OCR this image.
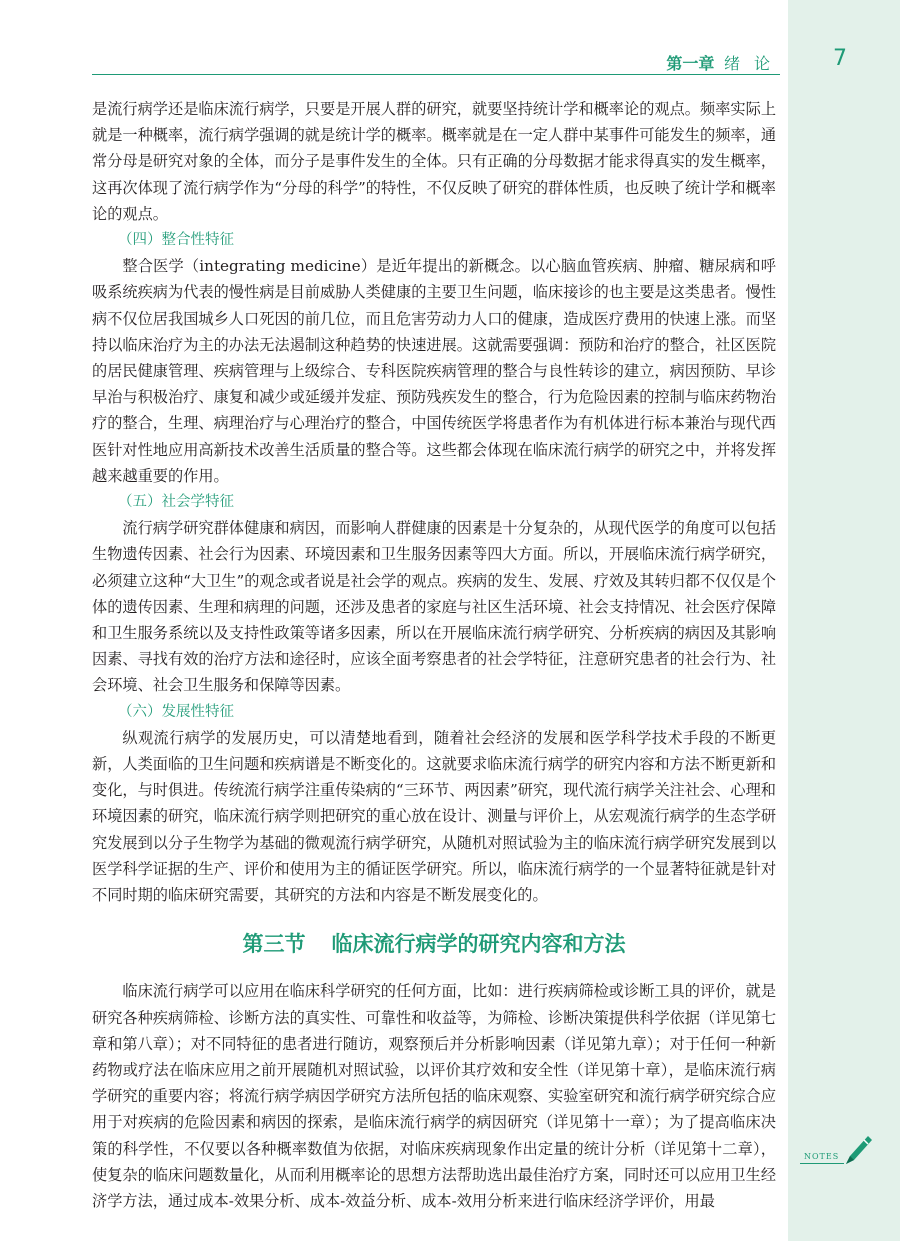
第一章 绪论	7

是流行病学还是临床流行病学，只要是开展人群的研究，就要坚持统计学和概率论的观点。频率实际上就是一种概率，流行病学强调的就是统计学的概率。概率就是在一定人群中某事件可能发生的频率，通常分母是研究对象的全体，而分子是事件发生的全体。只有正确的分母数据才能求得真实的发生概率，这再次体现了流行病学作为“分母的科学”的特性，不仅反映了研究的群体性质，也反映了统计学和概率论的观点。

（四）整合性特征

整合医学（integrating medicine）是近年提出的新概念。以心脑血管疾病、肿瘤、糖尿病和呼吸系统疾病为代表的慢性病是目前威胁人类健康的主要卫生问题，临床接诊的也主要是这类患者。慢性病不仅位居我国城乡人口死因的前几位，而且危害劳动力人口的健康，造成医疗费用的快速上涨。而坚持以临床治疗为主的办法无法遏制这种趋势的快速进展。这就需要强调：预防和治疗的整合，社区医院的居民健康管理、疾病管理与上级综合、专科医院疾病管理的整合与良性转诊的建立，病因预防、早诊早治与积极治疗、康复和减少或延缓并发症、预防残疾发生的整合，行为危险因素的控制与临床药物治疗的整合，生理、病理治疗与心理治疗的整合，中国传统医学将患者作为有机体进行标本兼治与现代西医针对性地应用高新技术改善生活质量的整合等。这些都会体现在临床流行病学的研究之中，并将发挥越来越重要的作用。

（五）社会学特征

流行病学研究群体健康和病因，而影响人群健康的因素是十分复杂的，从现代医学的角度可以包括生物遗传因素、社会行为因素、环境因素和卫生服务因素等四大方面。所以，开展临床流行病学研究，必须建立这种“大卫生”的观念或者说是社会学的观点。疾病的发生、发展、疗效及其转归都不仅仅是个体的遗传因素、生理和病理的问题，还涉及患者的家庭与社区生活环境、社会支持情况、社会医疗保障和卫生服务系统以及支持性政策等诸多因素，所以在开展临床流行病学研究、分析疾病的病因及其影响因素、寻找有效的治疗方法和途径时，应该全面考察患者的社会学特征，注意研究患者的社会行为、社会环境、社会卫生服务和保障等因素。

（六）发展性特征

纵观流行病学的发展历史，可以清楚地看到，随着社会经济的发展和医学科学技术手段的不断更新，人类面临的卫生问题和疾病谱是不断变化的。这就要求临床流行病学的研究内容和方法不断更新和变化，与时俱进。传统流行病学注重传染病的“三环节、两因素”研究，现代流行病学关注社会、心理和环境因素的研究，临床流行病学则把研究的重心放在设计、测量与评价上，从宏观流行病学的生态学研究发展到以分子生物学为基础的微观流行病学研究，从随机对照试验为主的临床流行病学研究发展到以医学科学证据的生产、评价和使用为主的循证医学研究。所以，临床流行病学的一个显著特征就是针对不同时期的临床研究需要，其研究的方法和内容是不断发展变化的。

第三节 临床流行病学的研究内容和方法

临床流行病学可以应用在临床科学研究的任何方面，比如：进行疾病筛检或诊断工具的评价，就是研究各种疾病筛检、诊断方法的真实性、可靠性和收益等，为筛检、诊断决策提供科学依据（详见第七章和第八章）；对不同特征的患者进行随访，观察预后并分析影响因素（详见第九章）；对于任何一种新药物或疗法在临床应用之前开展随机对照试验，以评价其疗效和安全性（详见第十章），是临床流行病学研究的重要内容；将流行病学病因学研究方法所包括的临床观察、实验室研究和流行病学研究综合应用于对疾病的危险因素和病因的探索，是临床流行病学的病因研究（详见第十一章）；为了提高临床决策的科学性，不仅要以各种概率数值为依据，对临床疾病现象作出定量的统计分析（详见第十二章），使复杂的临床问题数量化，从而利用概率论的思想方法帮助选出最佳治疗方案，同时还可以应用卫生经济学方法，通过成本-效果分析、成本-效益分析、成本-效用分析来进行临床经济学评价，用最

NOTES
